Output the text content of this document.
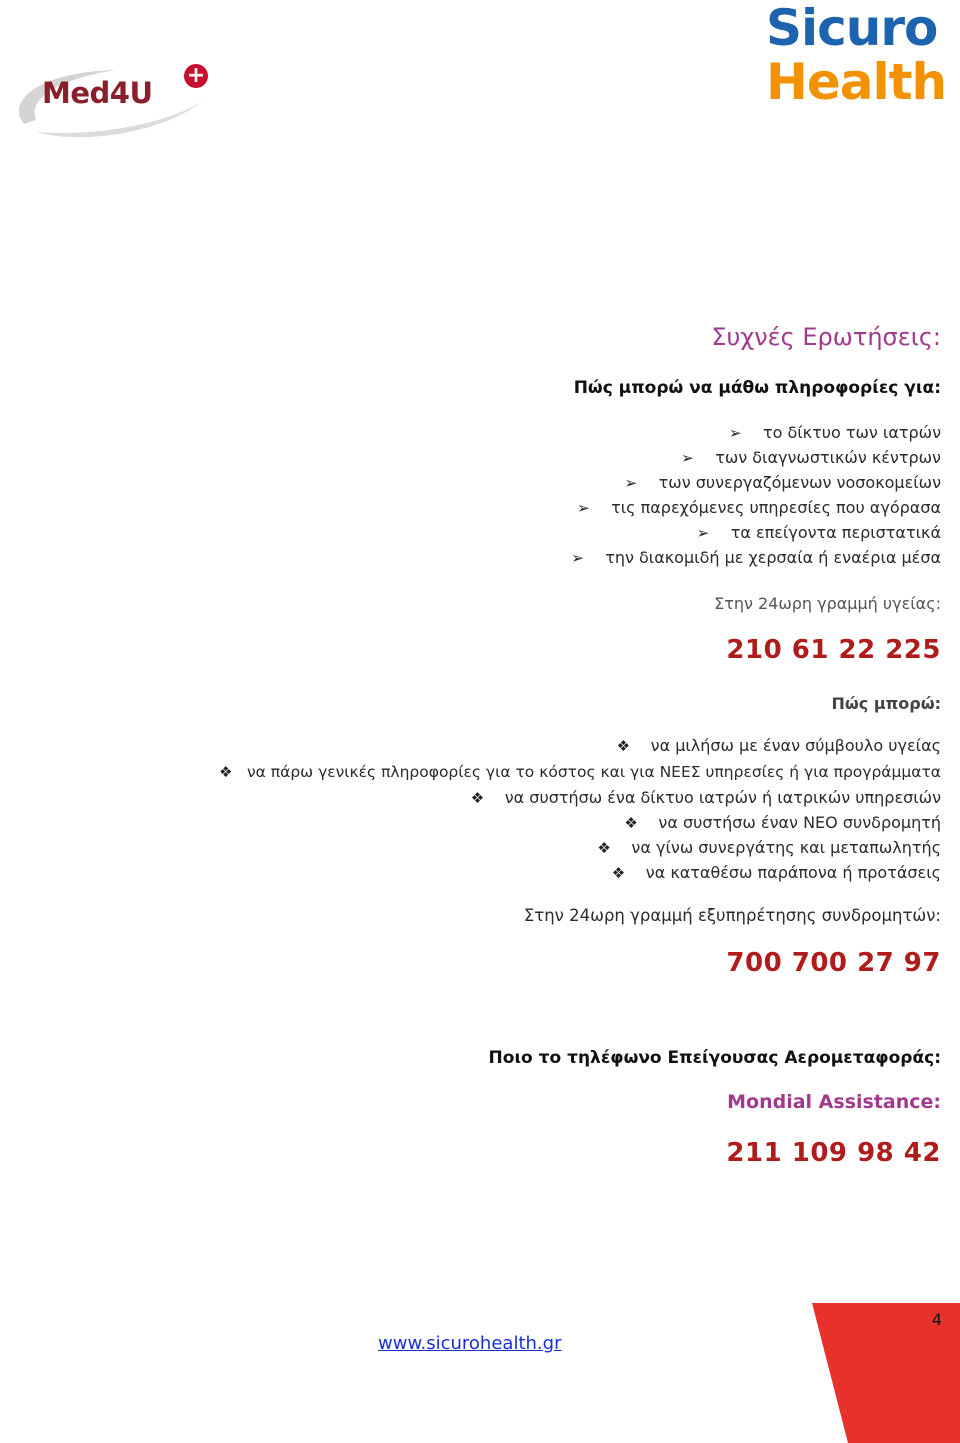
Med4U
+
Sicuro
Health
Συχνές Ερωτήσεις:
Πώς μπορώ να μάθω πληροφορίες για:
➢ το δίκτυο των ιατρών
➢ των διαγνωστικών κέντρων
➢ των συνεργαζόμενων νοσοκομείων
➢ τις παρεχόμενες υπηρεσίες που αγόρασα
➢ τα επείγοντα περιστατικά
➢ την διακομιδή με χερσαία ή εναέρια μέσα
Στην 24ωρη γραμμή υγείας:
210 61 22 225
Πώς μπορώ:
❖ να μιλήσω με έναν σύμβουλο υγείας
❖ να πάρω γενικές πληροφορίες για το κόστος και για ΝΕΕΣ υπηρεσίες ή για προγράμματα
❖ να συστήσω ένα δίκτυο ιατρών ή ιατρικών υπηρεσιών
❖ να συστήσω έναν ΝΕΟ συνδρομητή
❖ να γίνω συνεργάτης και μεταπωλητής
❖ να καταθέσω παράπονα ή προτάσεις
Στην 24ωρη γραμμή εξυπηρέτησης συνδρομητών:
700 700 27 97
Ποιο το τηλέφωνο Επείγουσας Αερομεταφοράς:
Mondial Assistance:
211 109 98 42
www.sicurohealth.gr
4
